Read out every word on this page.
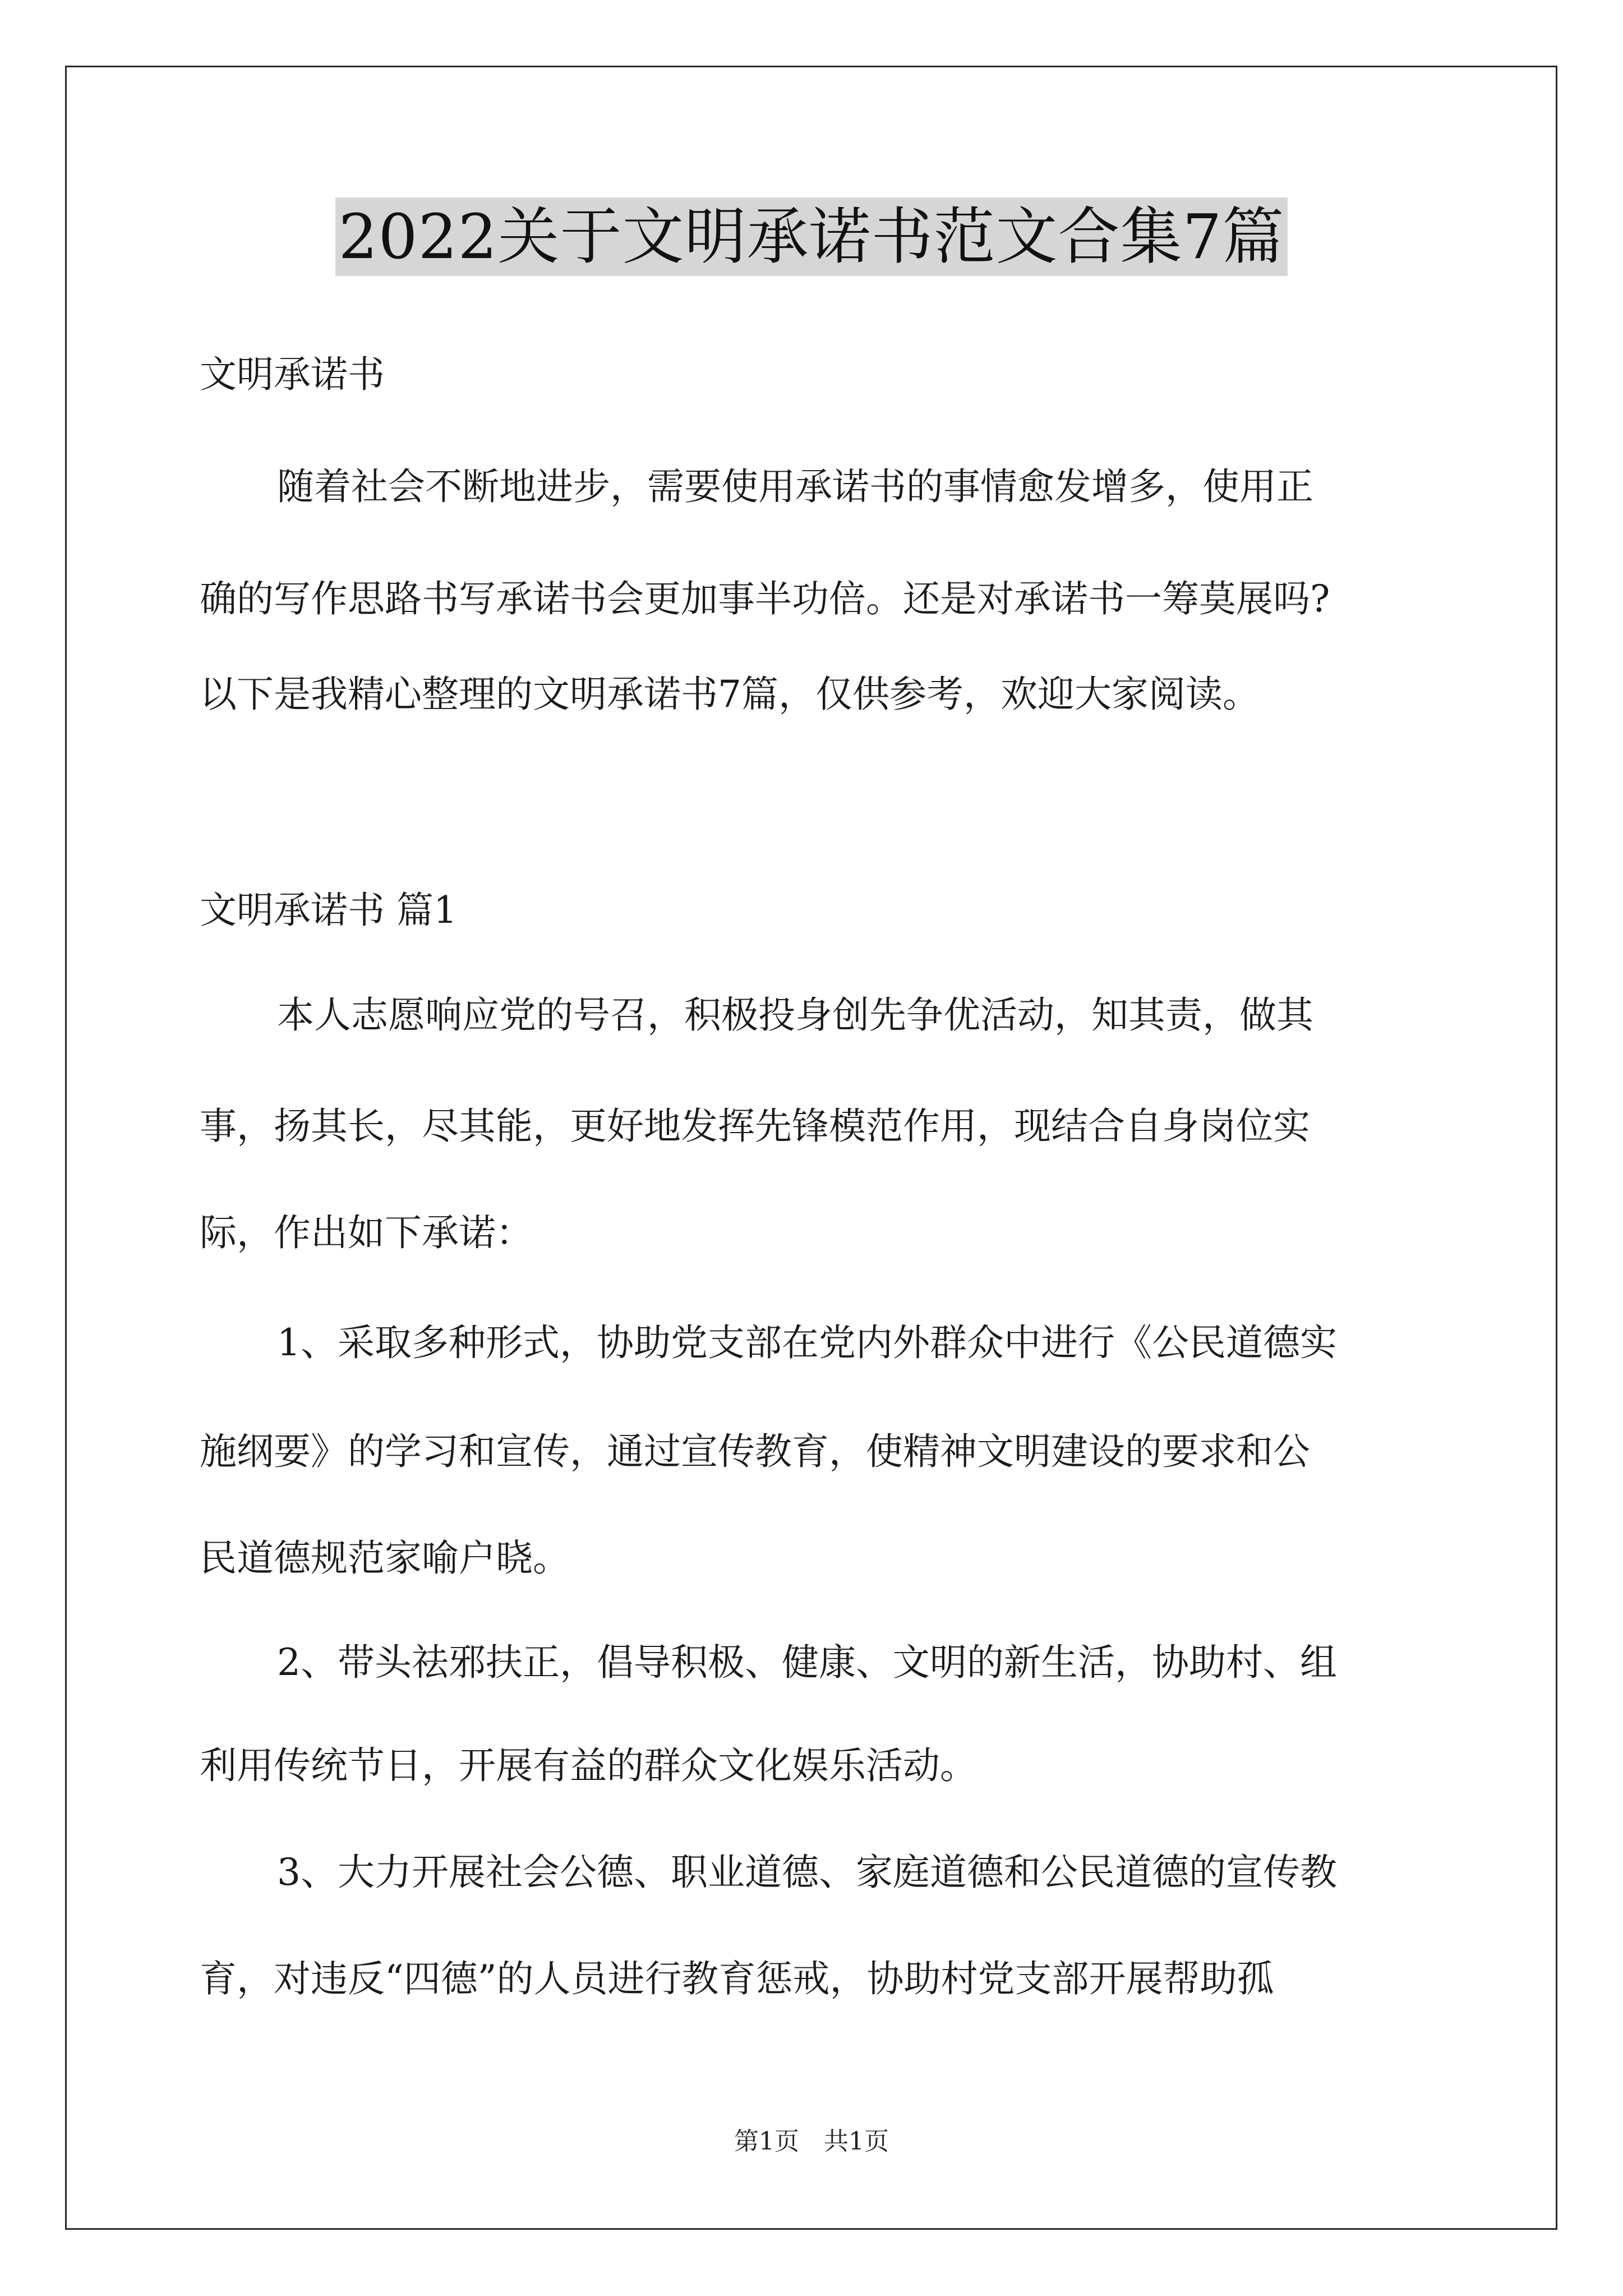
2022关于文明承诺书范文合集7篇
文明承诺书
随着社会不断地进步，需要使用承诺书的事情愈发增多，使用正
确的写作思路书写承诺书会更加事半功倍。还是对承诺书一筹莫展吗?
以下是我精心整理的文明承诺书7篇，仅供参考，欢迎大家阅读。
文明承诺书 篇1
本人志愿响应党的号召，积极投身创先争优活动，知其责，做其
事，扬其长，尽其能，更好地发挥先锋模范作用，现结合自身岗位实
际，作出如下承诺：
1、采取多种形式，协助党支部在党内外群众中进行《公民道德实
施纲要》的学习和宣传，通过宣传教育，使精神文明建设的要求和公
民道德规范家喻户晓。
2、带头祛邪扶正，倡导积极、健康、文明的新生活，协助村、组
利用传统节日，开展有益的群众文化娱乐活动。
3、大力开展社会公德、职业道德、家庭道德和公民道德的宣传教
育，对违反“四德”的人员进行教育惩戒，协助村党支部开展帮助孤
第1页　共1页
